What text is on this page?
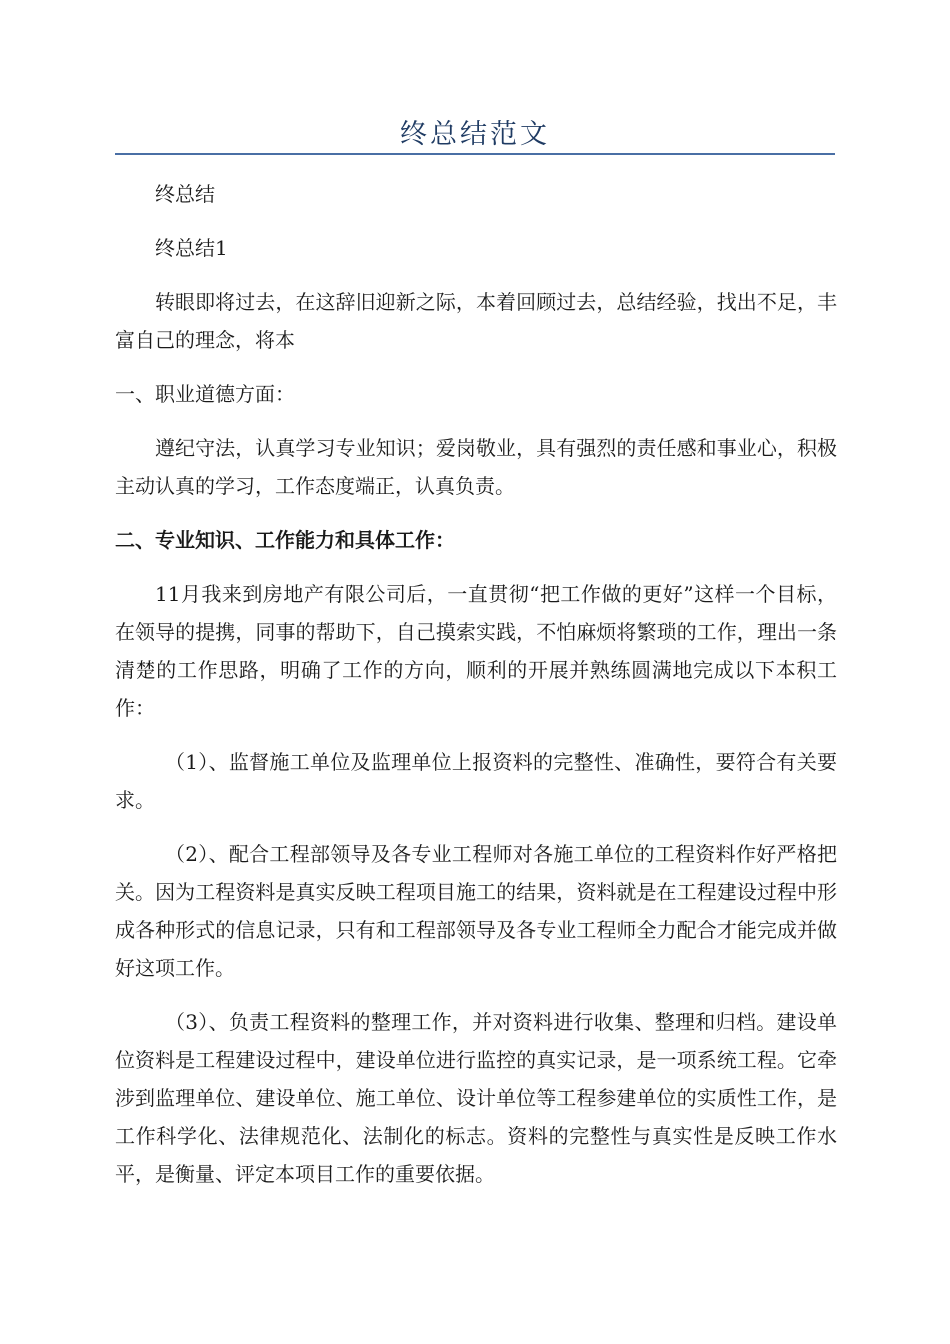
终总结范文

终总结

终总结1

转眼即将过去，在这辞旧迎新之际，本着回顾过去，总结经验，找出不足，丰富自己的理念，将本

一、职业道德方面：

遵纪守法，认真学习专业知识；爱岗敬业，具有强烈的责任感和事业心，积极主动认真的学习，工作态度端正，认真负责。

二、专业知识、工作能力和具体工作：

11月我来到房地产有限公司后，一直贯彻“把工作做的更好”这样一个目标，在领导的提携，同事的帮助下，自己摸索实践，不怕麻烦将繁琐的工作，理出一条清楚的工作思路，明确了工作的方向，顺利的开展并熟练圆满地完成以下本积工作：

（1）、监督施工单位及监理单位上报资料的完整性、准确性，要符合有关要求。

（2）、配合工程部领导及各专业工程师对各施工单位的工程资料作好严格把关。因为工程资料是真实反映工程项目施工的结果，资料就是在工程建设过程中形成各种形式的信息记录，只有和工程部领导及各专业工程师全力配合才能完成并做好这项工作。

（3）、负责工程资料的整理工作，并对资料进行收集、整理和归档。建设单位资料是工程建设过程中，建设单位进行监控的真实记录，是一项系统工程。它牵涉到监理单位、建设单位、施工单位、设计单位等工程参建单位的实质性工作，是工作科学化、法律规范化、法制化的标志。资料的完整性与真实性是反映工作水平，是衡量、评定本项目工作的重要依据。
